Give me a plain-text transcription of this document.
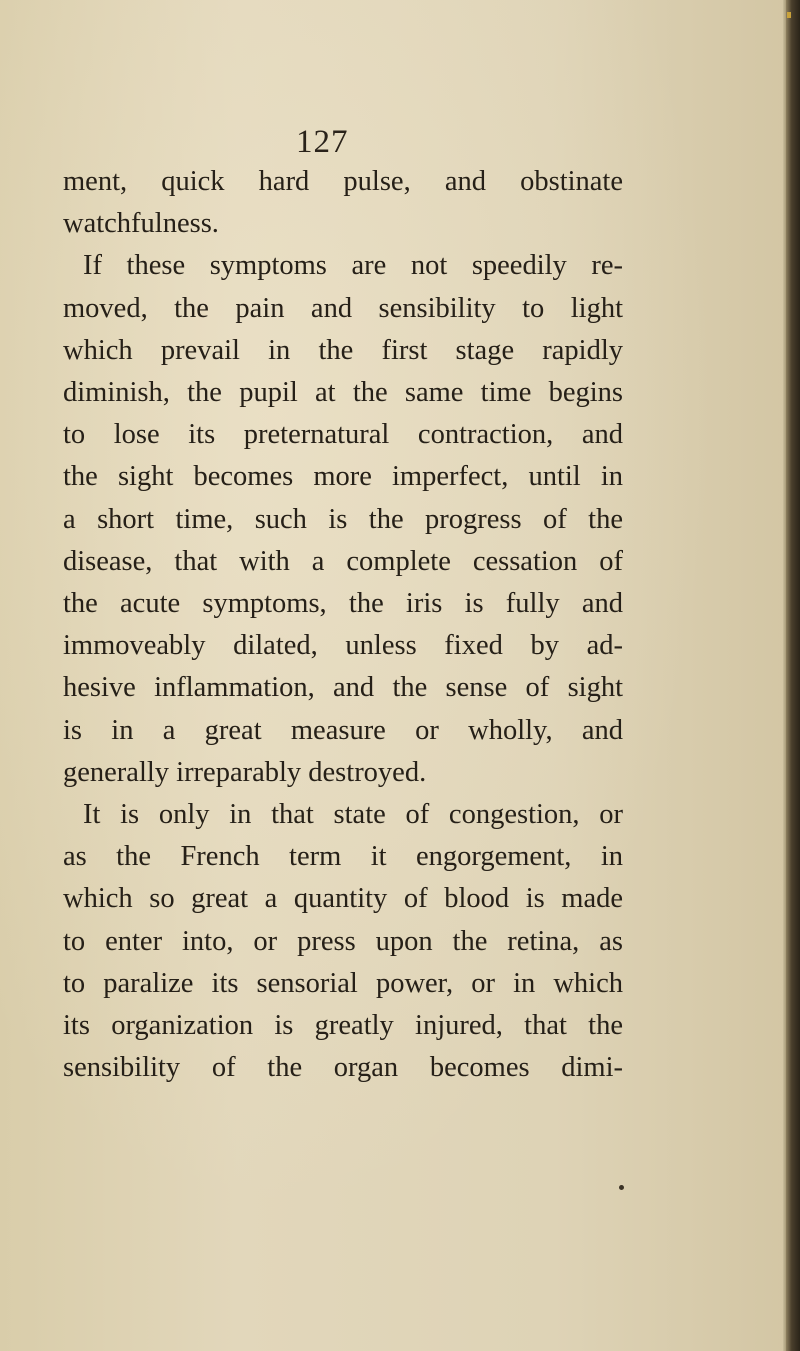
127
ment, quick hard pulse, and obstinate
watchfulness.
If these symptoms are not speedily re-
moved, the pain and sensibility to light
which prevail in the first stage rapidly
diminish, the pupil at the same time begins
to lose its preternatural contraction, and
the sight becomes more imperfect, until in
a short time, such is the progress of the
disease, that with a complete cessation of
the acute symptoms, the iris is fully and
immoveably dilated, unless fixed by ad-
hesive inflammation, and the sense of sight
is in a great measure or wholly, and
generally irreparably destroyed.
It is only in that state of congestion, or
as the French term it engorgement, in
which so great a quantity of blood is made
to enter into, or press upon the retina, as
to paralize its sensorial power, or in which
its organization is greatly injured, that the
sensibility of the organ becomes dimi-
